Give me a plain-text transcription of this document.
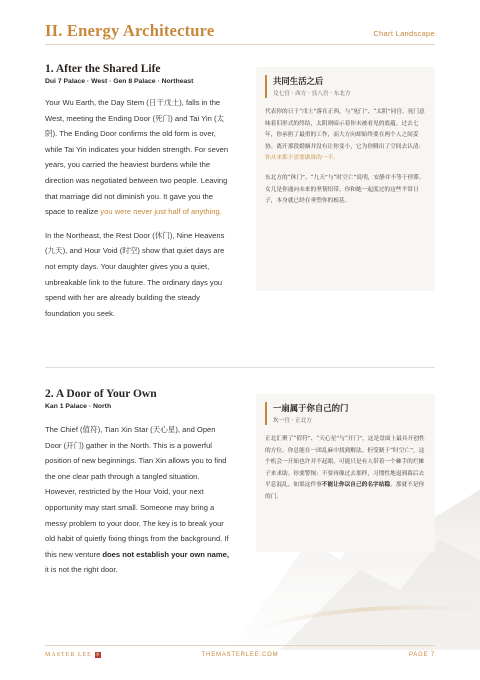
II. Energy Architecture	Chart Landscape
1. After the Shared Life
Dui 7 Palace · West · Gen 8 Palace · Northeast

Your Wu Earth, the Day Stem (日干戊土), falls in the West, meeting the Ending Door (死门) and Tai Yin (太阴). The Ending Door confirms the old form is over, while Tai Yin indicates your hidden strength. For seven years, you carried the heaviest burdens while the direction was negotiated between two people. Leaving that marriage did not diminish you. It gave you the space to realize you were never just half of anything.

In the Northeast, the Rest Door (休门), Nine Heavens (九天), and Hour Void (时空) show that quiet days are not empty days. Your daughter gives you a quiet, unbreakable link to the future. The ordinary days you spend with her are already building the steady foundation you seek.

共同生活之后
兑七宫 · 西方 · 艮八宫 · 东北方

代表你的日干“戊土”落在正西，与“死门”、“太阴”同宫。死门意味着旧形式的终结，太阴则暗示着你未被看见的底蕴。过去七年，你承担了最重的工作，而大方向却始终要在两个人之间妥协。离开那段婚姻并没有让你变小，它为你腾出了空间去认清：你从来都不需要做谁的一半。

东北方的“休门”、“九天”与“时空亡”说明，安静并不等于停滞。女儿是你通向未来的坚韧纽带。你和她一起度过的这些平常日子，本身就已经在垂塑你的根基。

2. A Door of Your Own
Kan 1 Palace · North

The Chief (值符), Tian Xin Star (天心星), and Open Door (开门) gather in the North. This is a powerful position of new beginnings. Tian Xin allows you to find the one clear path through a tangled situation. However, restricted by the Hour Void, your next opportunity may start small. Someone may bring a messy problem to your door. The key is to break your old habit of quietly fixing things from the background. If this new venture does not establish your own name, it is not the right door.

一扇属于你自己的门
坎一宫 · 正北方

正北汇聚了“值符”、“天心星”与“开门”，这是盘面上最具开创性的方位。你总能在一团乱麻中找到解法。但受制于“时空亡”，这个机会一开始也许并不起眼，可能只是有人带着一个棘手的烂摊子来求助。你要警惕：不要再像过去那样，习惯性地退到幕后去平息混乱。如果这件事不能让你以自己的名字站稳，那就不是你的门。

MASTER LEE 李	THEMASTERLEE.COM	PAGE 7
